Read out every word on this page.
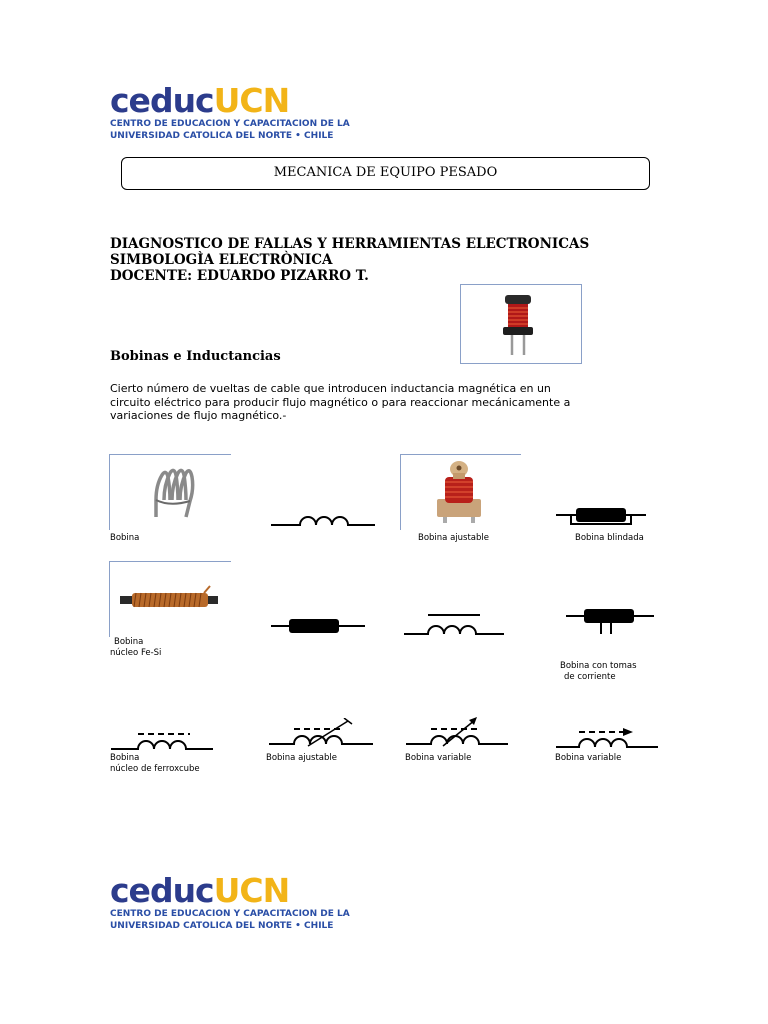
ceducUCN
CENTRO DE EDUCACION Y CAPACITACION DE LA
UNIVERSIDAD CATOLICA DEL NORTE • CHILE
MECANICA DE EQUIPO PESADO
DIAGNOSTICO DE FALLAS Y HERRAMIENTAS ELECTRONICAS
SIMBOLOGÌA ELECTRÒNICA
DOCENTE: EDUARDO PIZARRO T.
Bobinas e Inductancias
Cierto número de vueltas de cable que introducen inductancia magnética en un circuito eléctrico para producir flujo magnético o para reaccionar mecánicamente a variaciones de flujo magnético.-
Bobina	Bobina ajustable	Bobina blindada
Bobina
núcleo Fe-Si
Bobina con tomas
de corriente
Bobina
núcleo de ferroxcube
Bobina ajustable	Bobina variable	Bobina variable
ceducUCN
CENTRO DE EDUCACION Y CAPACITACION DE LA
UNIVERSIDAD CATOLICA DEL NORTE • CHILE
